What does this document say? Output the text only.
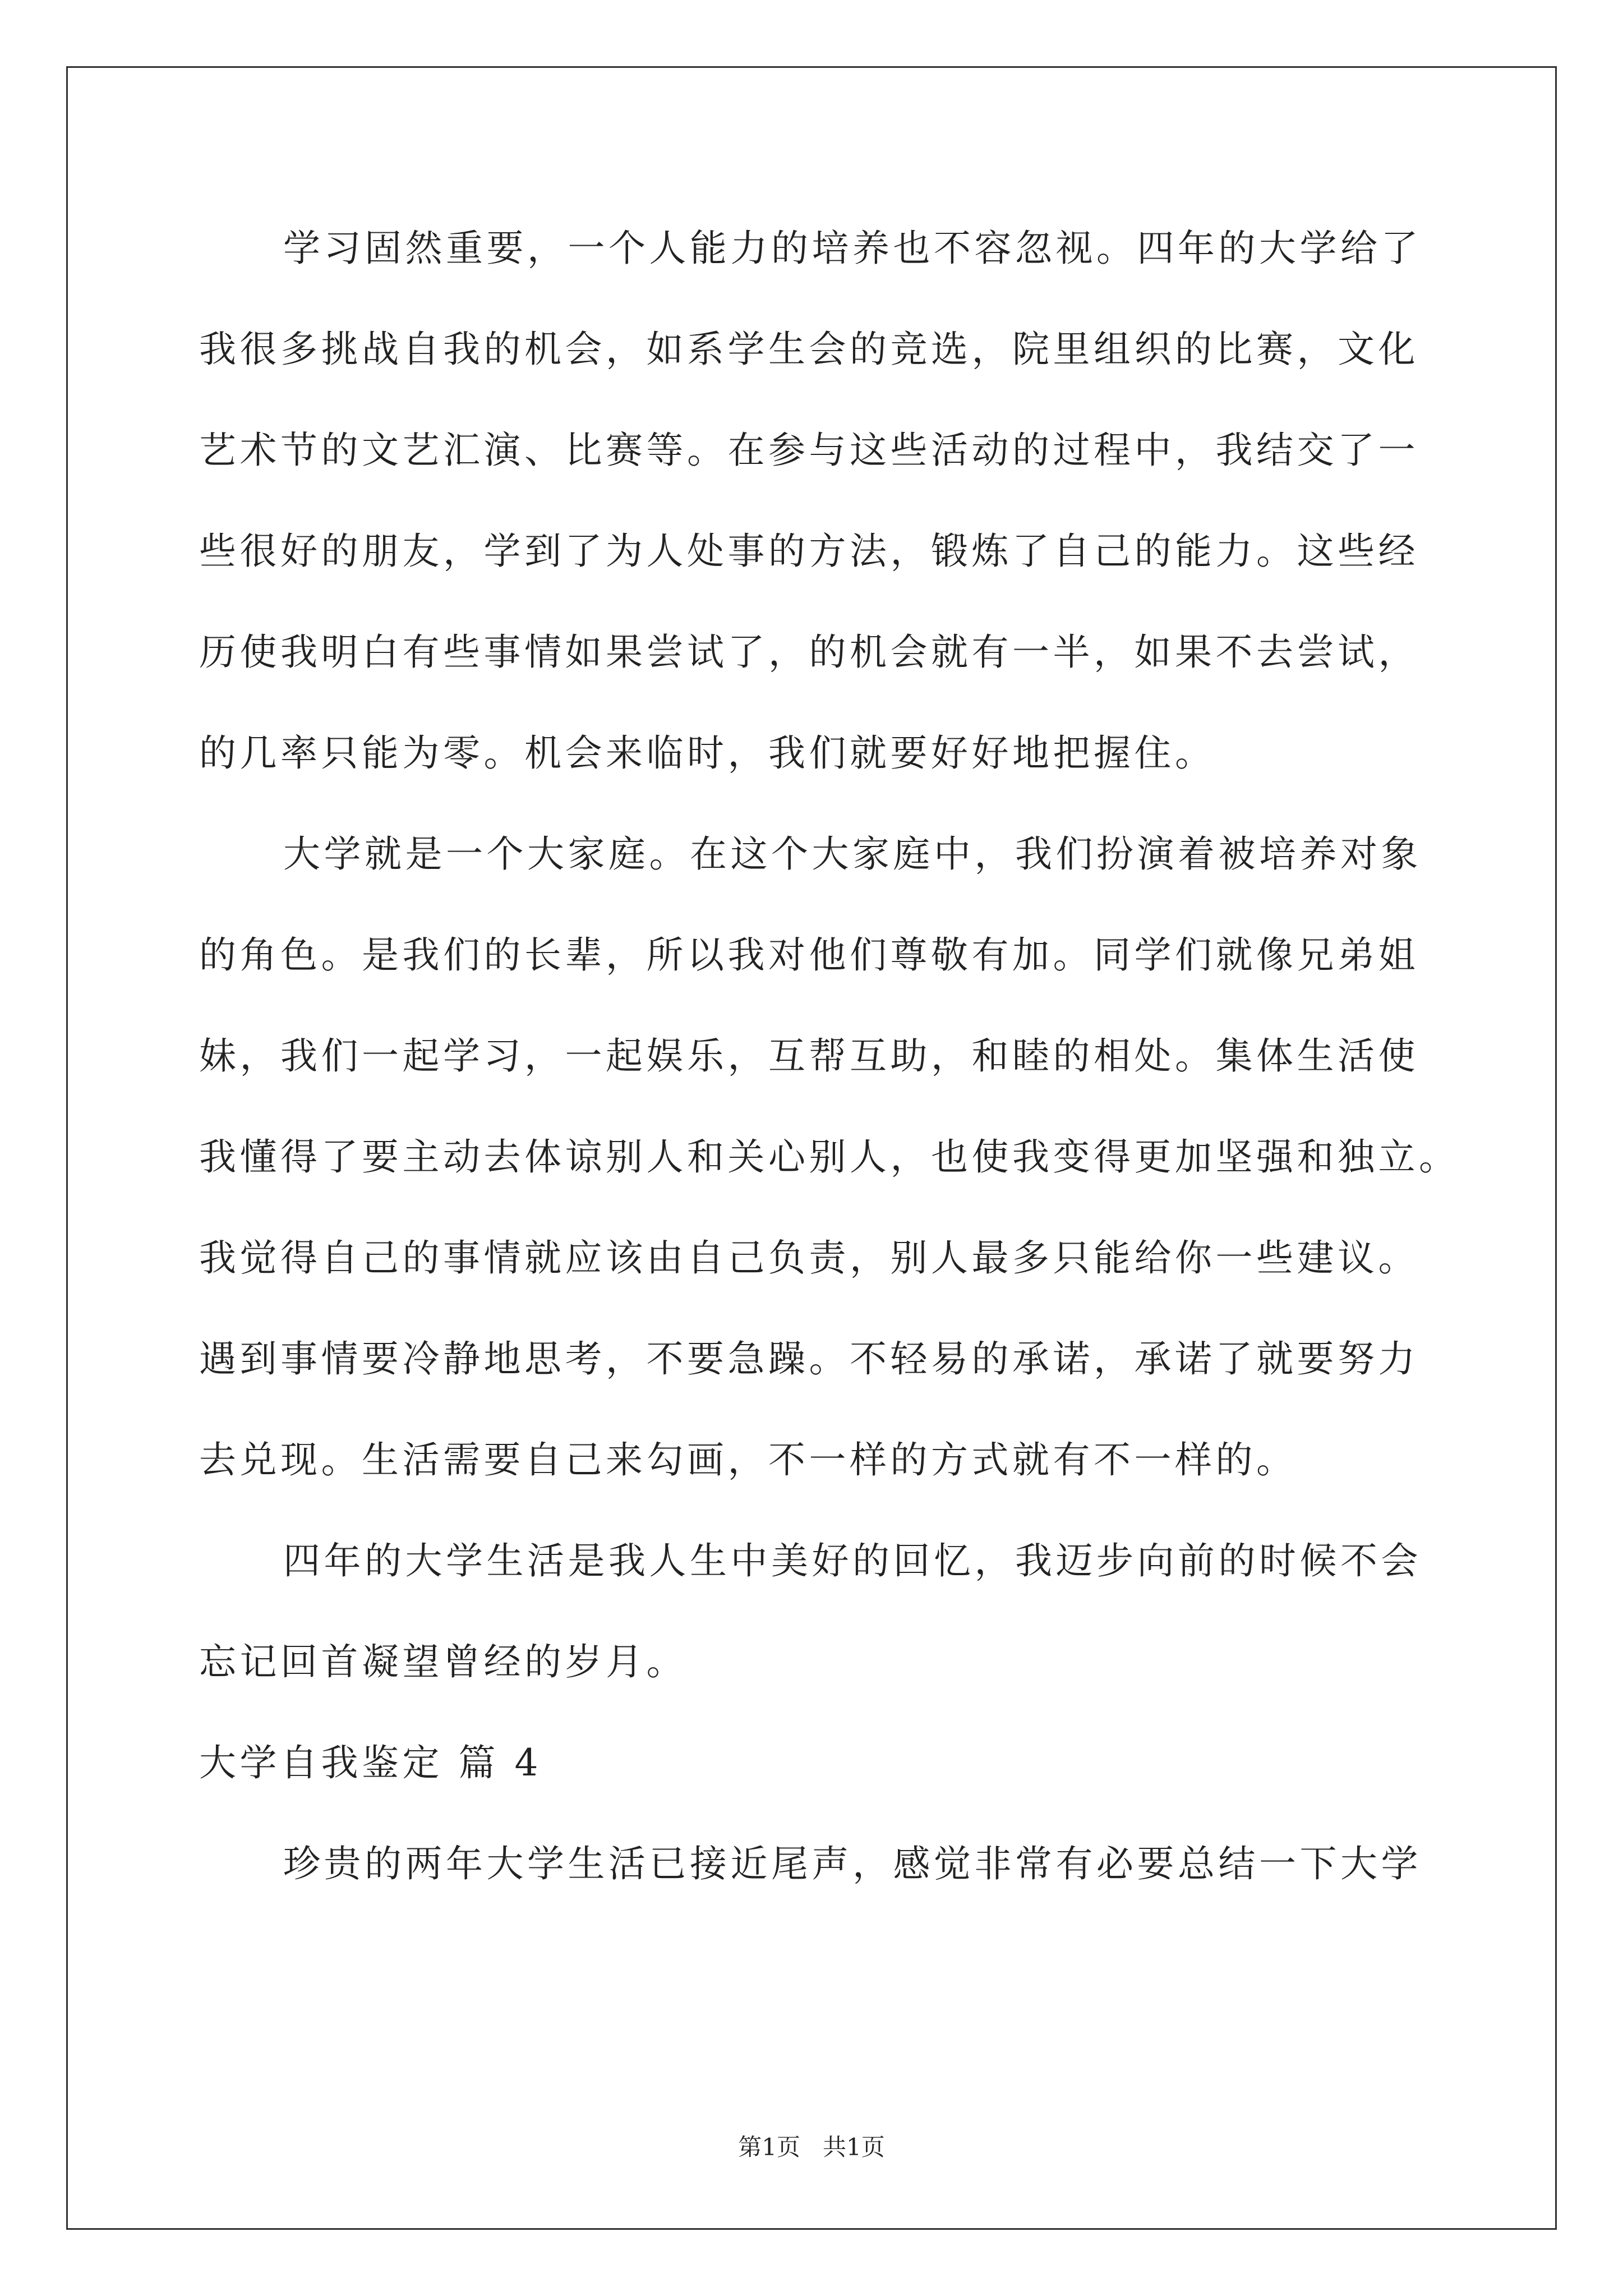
学习固然重要，一个人能力的培养也不容忽视。四年的大学给了
我很多挑战自我的机会，如系学生会的竞选，院里组织的比赛，文化
艺术节的文艺汇演、比赛等。在参与这些活动的过程中，我结交了一
些很好的朋友，学到了为人处事的方法，锻炼了自己的能力。这些经
历使我明白有些事情如果尝试了，的机会就有一半，如果不去尝试，
的几率只能为零。机会来临时，我们就要好好地把握住。
大学就是一个大家庭。在这个大家庭中，我们扮演着被培养对象
的角色。是我们的长辈，所以我对他们尊敬有加。同学们就像兄弟姐
妹，我们一起学习，一起娱乐，互帮互助，和睦的相处。集体生活使
我懂得了要主动去体谅别人和关心别人，也使我变得更加坚强和独立。
我觉得自己的事情就应该由自己负责，别人最多只能给你一些建议。
遇到事情要冷静地思考，不要急躁。不轻易的承诺，承诺了就要努力
去兑现。生活需要自己来勾画，不一样的方式就有不一样的。
四年的大学生活是我人生中美好的回忆，我迈步向前的时候不会
忘记回首凝望曾经的岁月。
大学自我鉴定 篇 4
珍贵的两年大学生活已接近尾声，感觉非常有必要总结一下大学
第1页   共1页
